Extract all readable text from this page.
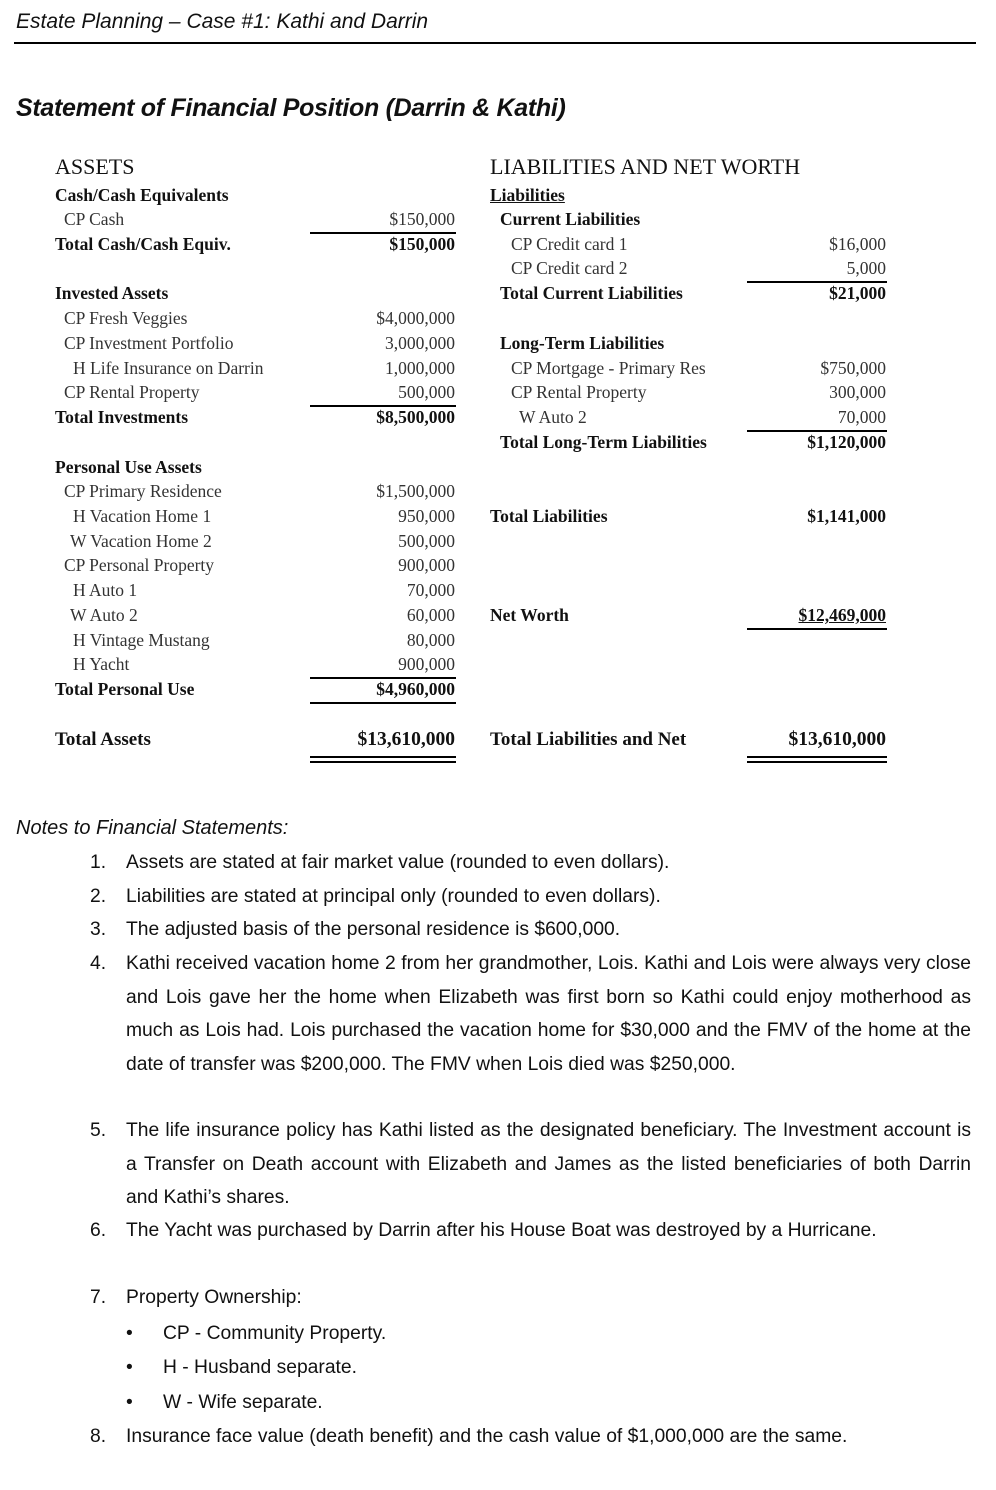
Estate Planning – Case #1: Kathi and Darrin
Statement of Financial Position (Darrin & Kathi)
ASSETS
Cash/Cash Equivalents
CP Cash	$150,000
Total Cash/Cash Equiv.	$150,000
Invested Assets
CP Fresh Veggies	$4,000,000
CP Investment Portfolio	3,000,000
H Life Insurance on Darrin	1,000,000
CP Rental Property	500,000
Total Investments	$8,500,000
Personal Use Assets
CP Primary Residence	$1,500,000
H Vacation Home 1	950,000
W Vacation Home 2	500,000
CP Personal Property	900,000
H Auto 1	70,000
W Auto 2	60,000
H Vintage Mustang	80,000
H Yacht	900,000
Total Personal Use	$4,960,000
Total Assets	$13,610,000
LIABILITIES AND NET WORTH
Liabilities
Current Liabilities
CP Credit card 1	$16,000
CP Credit card 2	5,000
Total Current Liabilities	$21,000
Long-Term Liabilities
CP Mortgage - Primary Res	$750,000
CP Rental Property	300,000
W Auto 2	70,000
Total Long-Term Liabilities	$1,120,000
Total Liabilities	$1,141,000
Net Worth	$12,469,000
Total Liabilities and Net	$13,610,000
Notes to Financial Statements:
1. Assets are stated at fair market value (rounded to even dollars).
2. Liabilities are stated at principal only (rounded to even dollars).
3. The adjusted basis of the personal residence is $600,000.
4. Kathi received vacation home 2 from her grandmother, Lois. Kathi and Lois were always very close and Lois gave her the home when Elizabeth was first born so Kathi could enjoy motherhood as much as Lois had. Lois purchased the vacation home for $30,000 and the FMV of the home at the date of transfer was $200,000. The FMV when Lois died was $250,000.
5. The life insurance policy has Kathi listed as the designated beneficiary. The Investment account is a Transfer on Death account with Elizabeth and James as the listed beneficiaries of both Darrin and Kathi’s shares.
6. The Yacht was purchased by Darrin after his House Boat was destroyed by a Hurricane.
7. Property Ownership:
• CP - Community Property.
• H - Husband separate.
• W - Wife separate.
8. Insurance face value (death benefit) and the cash value of $1,000,000 are the same.
